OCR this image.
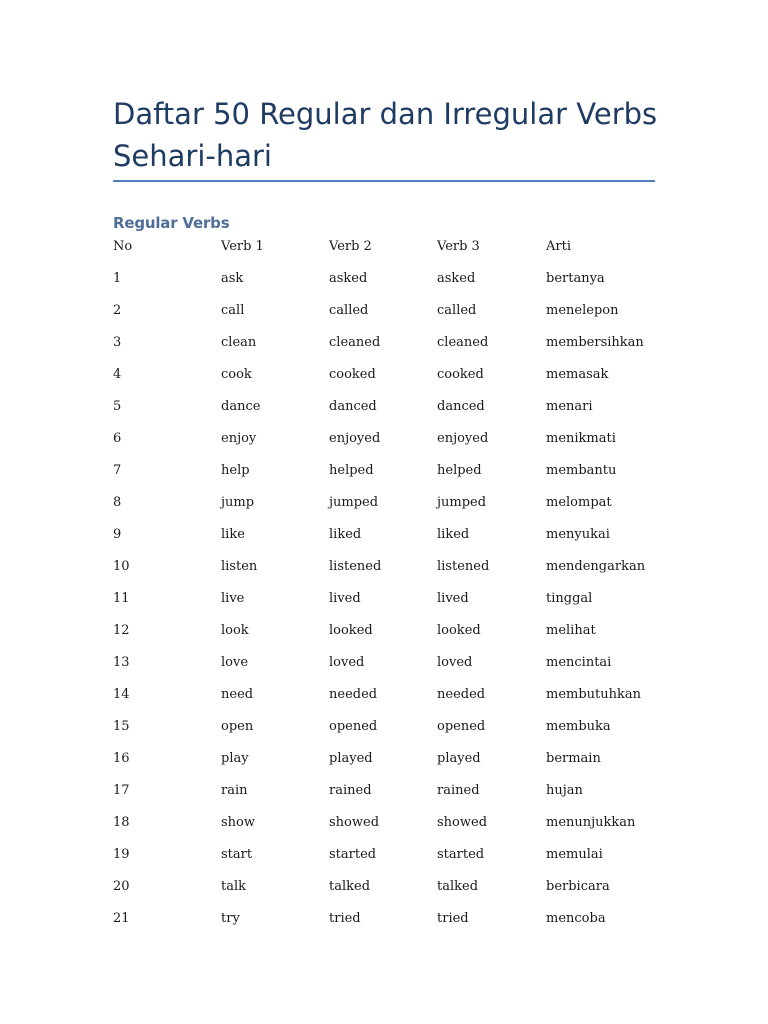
Daftar 50 Regular dan Irregular Verbs
Sehari-hari
Regular Verbs
No	Verb 1	Verb 2	Verb 3	Arti
1	ask	asked	asked	bertanya
2	call	called	called	menelepon
3	clean	cleaned	cleaned	membersihkan
4	cook	cooked	cooked	memasak
5	dance	danced	danced	menari
6	enjoy	enjoyed	enjoyed	menikmati
7	help	helped	helped	membantu
8	jump	jumped	jumped	melompat
9	like	liked	liked	menyukai
10	listen	listened	listened	mendengarkan
11	live	lived	lived	tinggal
12	look	looked	looked	melihat
13	love	loved	loved	mencintai
14	need	needed	needed	membutuhkan
15	open	opened	opened	membuka
16	play	played	played	bermain
17	rain	rained	rained	hujan
18	show	showed	showed	menunjukkan
19	start	started	started	memulai
20	talk	talked	talked	berbicara
21	try	tried	tried	mencoba
